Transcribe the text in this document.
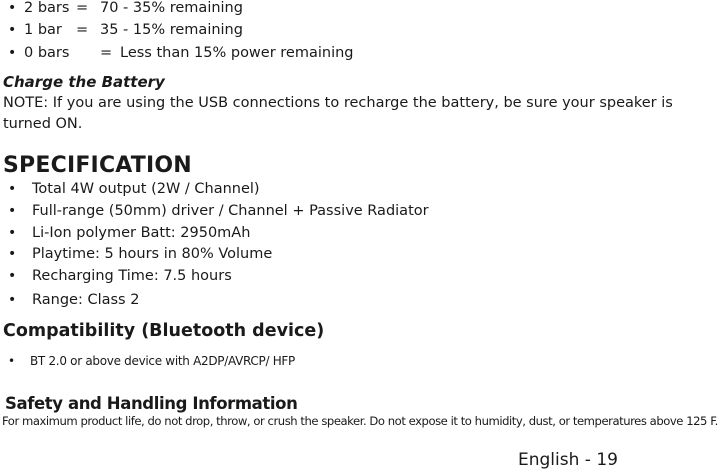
• 2 bars = 70 - 35% remaining
• 1 bar = 35 - 15% remaining
• 0 bars = Less than 15% power remaining
Charge the Battery
NOTE: If you are using the USB connections to recharge the battery, be sure your speaker is
turned ON.
SPECIFICATION
• Total 4W output (2W / Channel)
• Full-range (50mm) driver / Channel + Passive Radiator
• Li-Ion polymer Batt: 2950mAh
• Playtime: 5 hours in 80% Volume
• Recharging Time: 7.5 hours
• Range: Class 2
Compatibility (Bluetooth device)
• BT 2.0 or above device with A2DP/AVRCP/ HFP
Safety and Handling Information
For maximum product life, do not drop, throw, or crush the speaker. Do not expose it to humidity, dust, or temperatures above 125 F.
English - 19
